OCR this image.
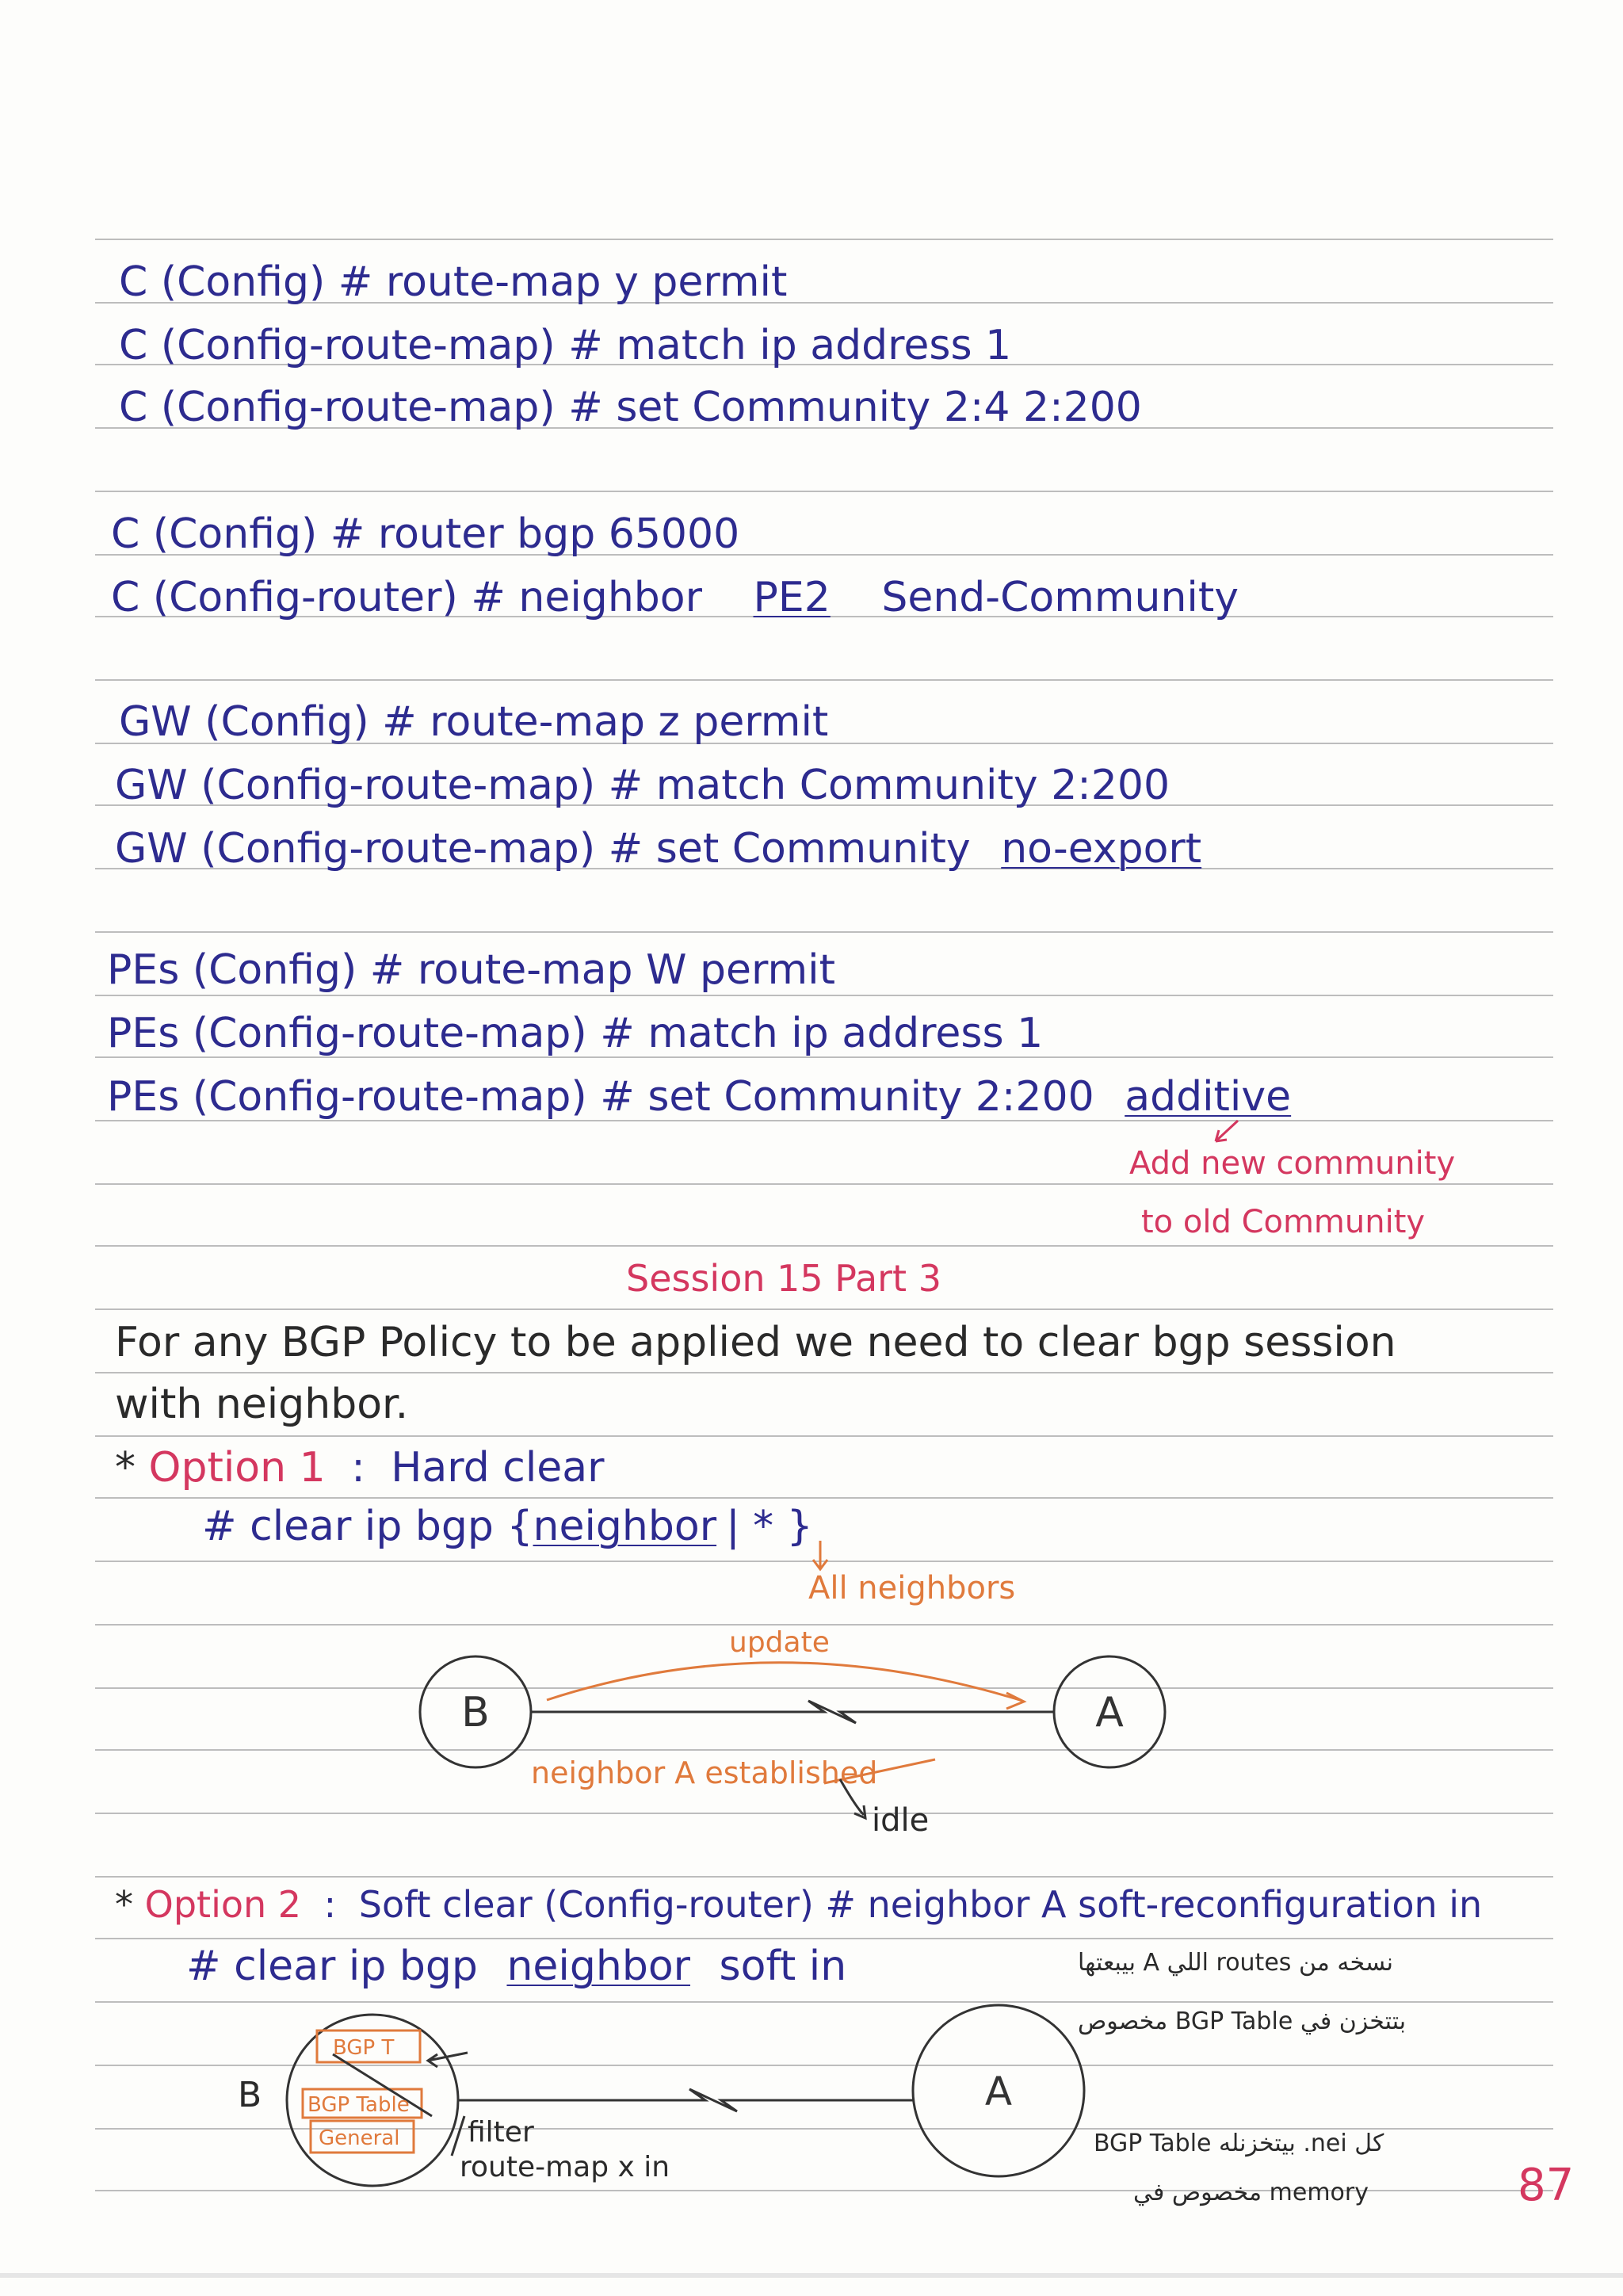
C (Config) # route-map y permit
C (Config-route-map) # match ip address 1
C (Config-route-map) # set Community 2:4 2:200
C (Config) # router bgp 65000
C (Config-router) # neighbor PE2 Send-Community
GW (Config) # route-map z permit
GW (Config-route-map) # match Community 2:200
GW (Config-route-map) # set Community no-export
PEs (Config) # route-map W permit
PEs (Config-route-map) # match ip address 1
PEs (Config-route-map) # set Community 2:200 additive
Add new community
to old Community
Session 15 Part 3
For any BGP Policy to be applied we need to clear bgp session
with neighbor.
* Option 1 : Hard clear
# clear ip bgp {neighbor | * }
All neighbors
B	A
update
neighbor A established
idle
* Option 2 : Soft clear (Config-router) # neighbor A soft-reconfiguration in
# clear ip bgp neighbor soft in	نسخه من routes اللي A بيبعتها
بتتخزن في BGP Table مخصوص
B	A
BGP T
BGP Table
General filter
route-map x in
كل nei. بيتخزنله BGP Table
memory مخصوص في	87
